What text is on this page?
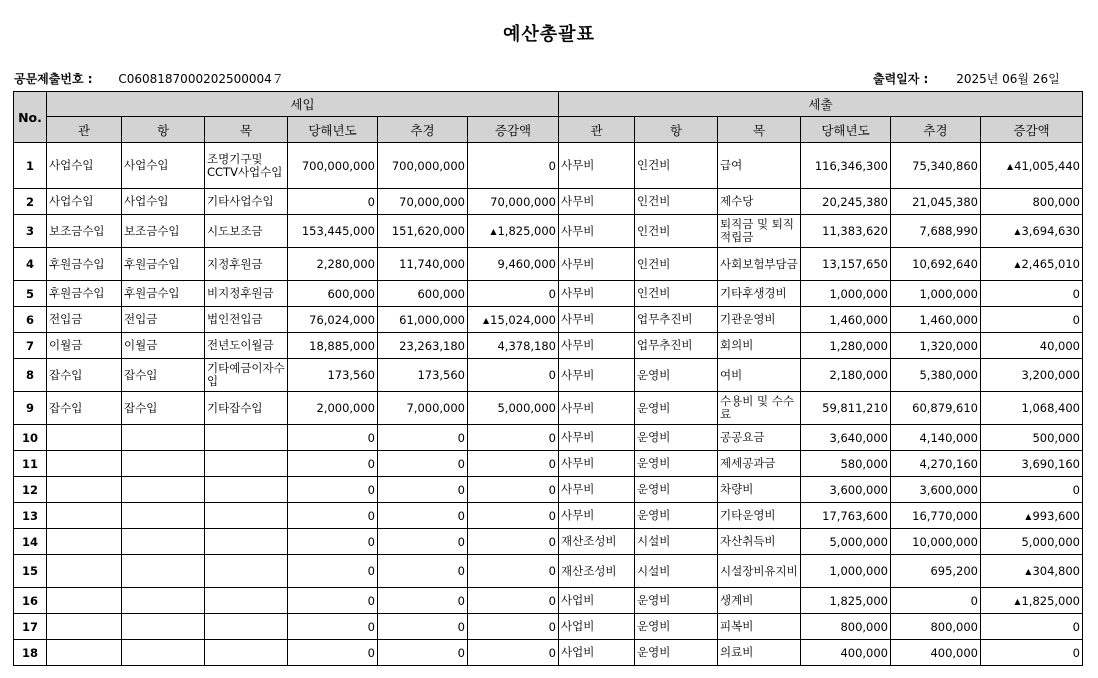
예산총괄표
공문제출번호 : C0608187000202500004７	출력일자 : 2025년 06월 26일
No.	세입						세출					
	관	항	목	당해년도	추경	증감액	관	항	목	당해년도	추경	증감액
1	사업수입	사업수입	조명기구및 CCTV사업수입	700,000,000	700,000,000	0	사무비	인건비	급여	116,346,300	75,340,860	▲41,005,440
2	사업수입	사업수입	기타사업수입	0	70,000,000	70,000,000	사무비	인건비	제수당	20,245,380	21,045,380	800,000
3	보조금수입	보조금수입	시도보조금	153,445,000	151,620,000	▲1,825,000	사무비	인건비	퇴직금 및 퇴직적립금	11,383,620	7,688,990	▲3,694,630
4	후원금수입	후원금수입	지정후원금	2,280,000	11,740,000	9,460,000	사무비	인건비	사회보험부담금	13,157,650	10,692,640	▲2,465,010
5	후원금수입	후원금수입	비지정후원금	600,000	600,000	0	사무비	인건비	기타후생경비	1,000,000	1,000,000	0
6	전입금	전입금	법인전입금	76,024,000	61,000,000	▲15,024,000	사무비	업무추진비	기관운영비	1,460,000	1,460,000	0
7	이월금	이월금	전년도이월금	18,885,000	23,263,180	4,378,180	사무비	업무추진비	회의비	1,280,000	1,320,000	40,000
8	잡수입	잡수입	기타예금이자수입	173,560	173,560	0	사무비	운영비	여비	2,180,000	5,380,000	3,200,000
9	잡수입	잡수입	기타잡수입	2,000,000	7,000,000	5,000,000	사무비	운영비	수용비 및 수수료	59,811,210	60,879,610	1,068,400
10				0	0	0	사무비	운영비	공공요금	3,640,000	4,140,000	500,000
11				0	0	0	사무비	운영비	제세공과금	580,000	4,270,160	3,690,160
12				0	0	0	사무비	운영비	차량비	3,600,000	3,600,000	0
13				0	0	0	사무비	운영비	기타운영비	17,763,600	16,770,000	▲993,600
14				0	0	0	재산조성비	시설비	자산취득비	5,000,000	10,000,000	5,000,000
15				0	0	0	재산조성비	시설비	시설장비유지비	1,000,000	695,200	▲304,800
16				0	0	0	사업비	운영비	생계비	1,825,000	0	▲1,825,000
17				0	0	0	사업비	운영비	피복비	800,000	800,000	0
18				0	0	0	사업비	운영비	의료비	400,000	400,000	0
